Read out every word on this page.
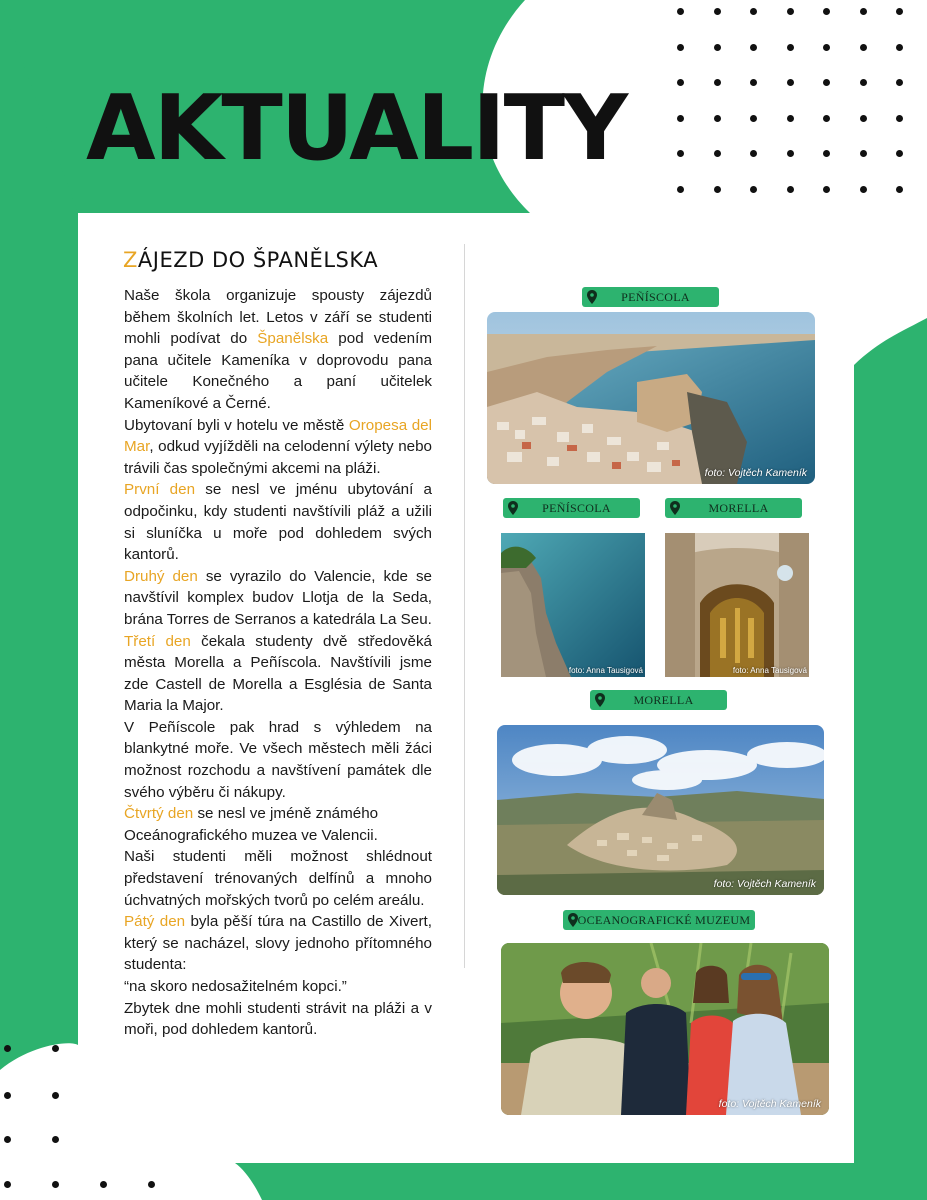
AKTUALITY
ZÁJEZD DO ŠPANĚLSKA

Naše škola organizuje spousty zájezdů během školních let. Letos v září se studenti mohli podívat do Španělska pod vedením pana učitele Kameníka v doprovodu pana učitele Konečného a paní učitelek Kameníkové a Černé.

Ubytovaní byli v hotelu ve městě Oropesa del Mar, odkud vyjížděli na celodenní výlety nebo trávili čas společnými akcemi na pláži.

První den se nesl ve jménu ubytování a odpočinku, kdy studenti navštívili pláž a užili si sluníčka u moře pod dohledem svých kantorů.

Druhý den se vyrazilo do Valencie, kde se navštívil komplex budov Llotja de la Seda, brána Torres de Serranos a katedrála La Seu.

Třetí den čekala studenty dvě středověká města Morella a Peñíscola. Navštívili jsme zde Castell de Morella a Església de Santa Maria la Major.

V Peñíscole pak hrad s výhledem na blankytné moře. Ve všech městech měli žáci možnost rozchodu a navštívení památek dle svého výběru či nákupy.

Čtvrtý den se nesl ve jméně známého Oceánografického muzea ve Valencii.

Naši studenti měli možnost shlédnout představení trénovaných delfínů a mnoho úchvatných mořských tvorů po celém areálu.

Pátý den byla pěší túra na Castillo de Xivert, který se nacházel, slovy jednoho přítomného studenta:

“na skoro nedosažitelném kopci.”

Zbytek dne mohli studenti strávit na pláži a v moři, pod dohledem kantorů.

PEÑÍSCOLA
foto: Vojtěch Kameník
PEÑÍSCOLA	MORELLA
foto: Anna Tausigová	foto: Anna Tausigová
MORELLA
foto: Vojtěch Kameník
OCEANOGRAFICKÉ MUZEUM
foto: Vojtěch Kameník
